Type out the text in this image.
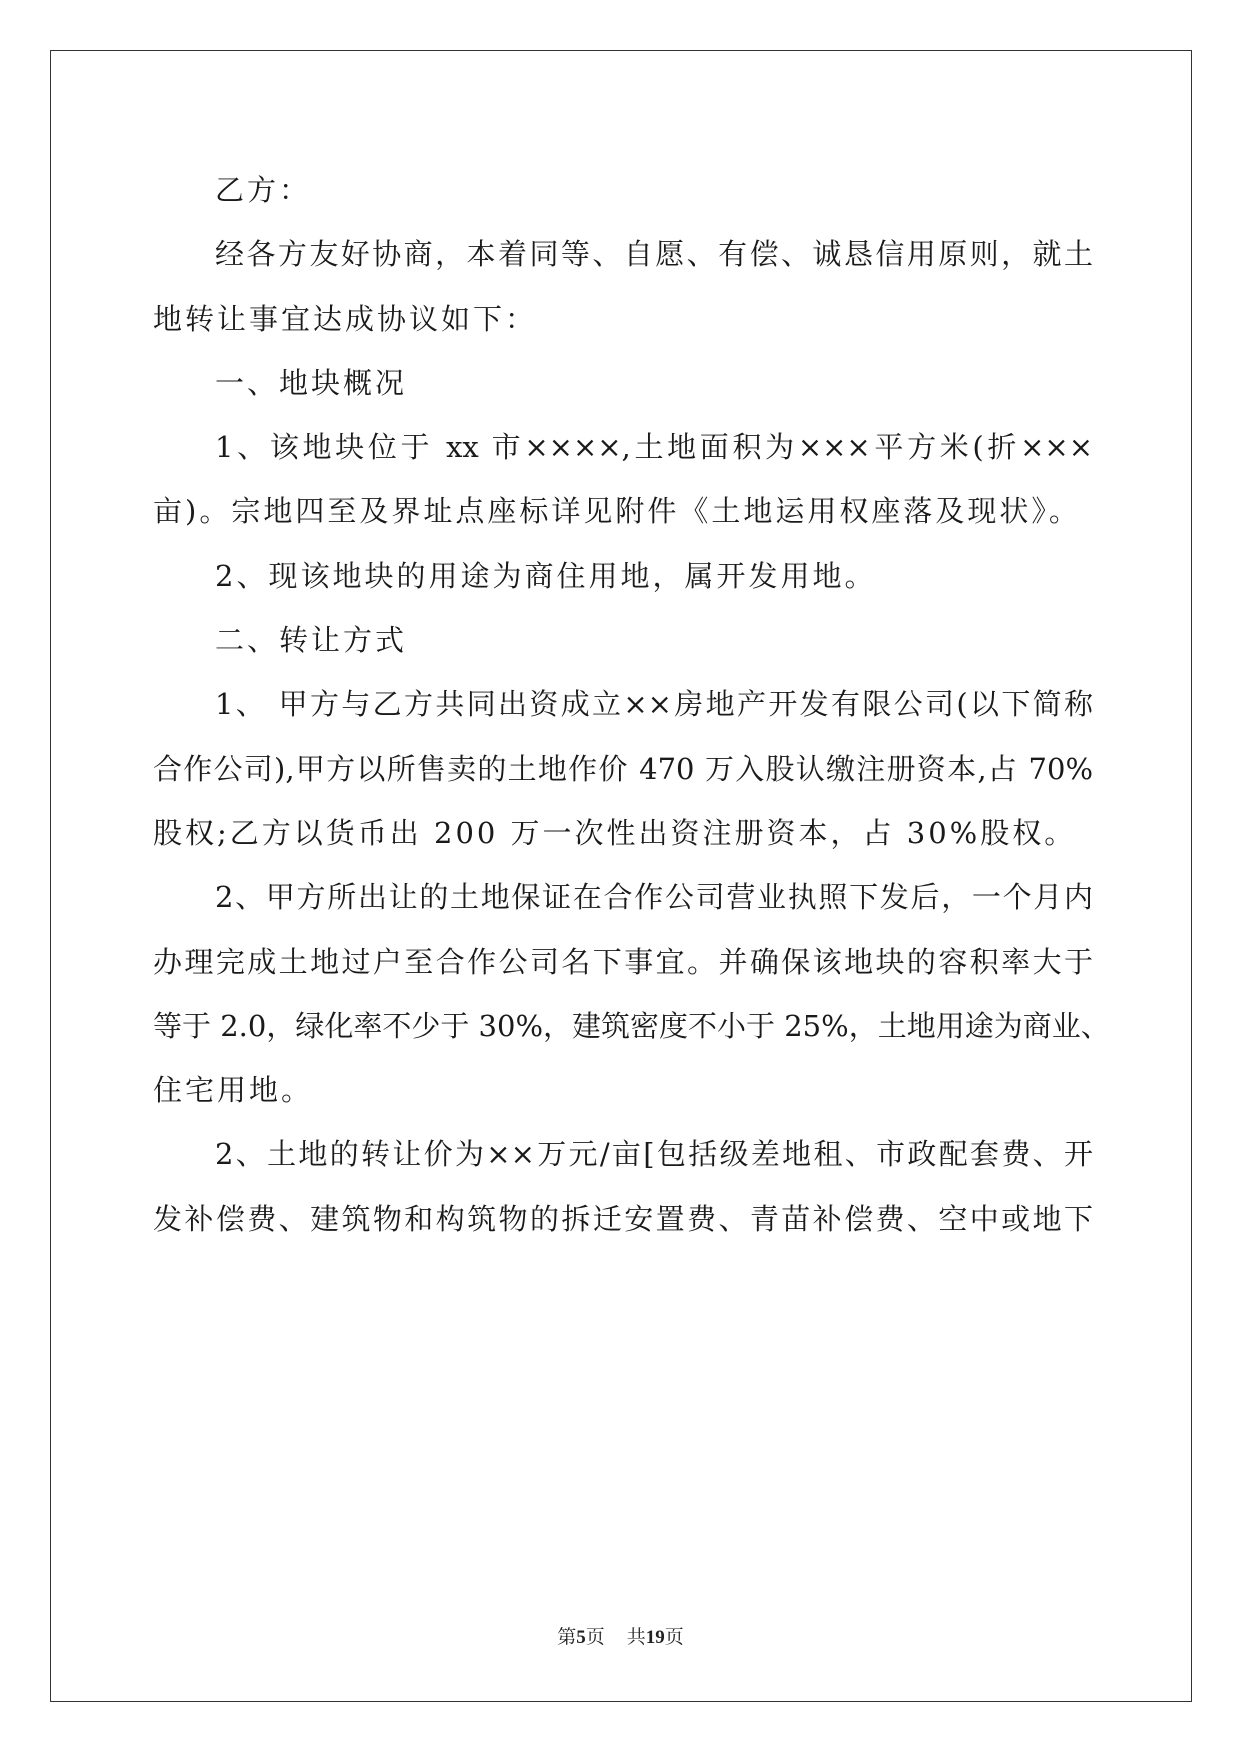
乙方：
经各方友好协商，本着同等、自愿、有偿、诚恳信用原则，就土
地转让事宜达成协议如下：
一、地块概况
1、该地块位于 xx 市××××,土地面积为×××平方米(折×××
亩)。宗地四至及界址点座标详见附件《土地运用权座落及现状》。
2、现该地块的用途为商住用地，属开发用地。
二、转让方式
1、 甲方与乙方共同出资成立××房地产开发有限公司(以下简称
合作公司),甲方以所售卖的土地作价 470 万入股认缴注册资本,占 70%
股权;乙方以货币出 200 万一次性出资注册资本，占 30%股权。
2、甲方所出让的土地保证在合作公司营业执照下发后，一个月内
办理完成土地过户至合作公司名下事宜。并确保该地块的容积率大于
等于 2.0，绿化率不少于 30%，建筑密度不小于 25%，土地用途为商业、
住宅用地。
2、土地的转让价为××万元/亩[包括级差地租、市政配套费、开
发补偿费、建筑物和构筑物的拆迁安置费、青苗补偿费、空中或地下
第5页 共19页
